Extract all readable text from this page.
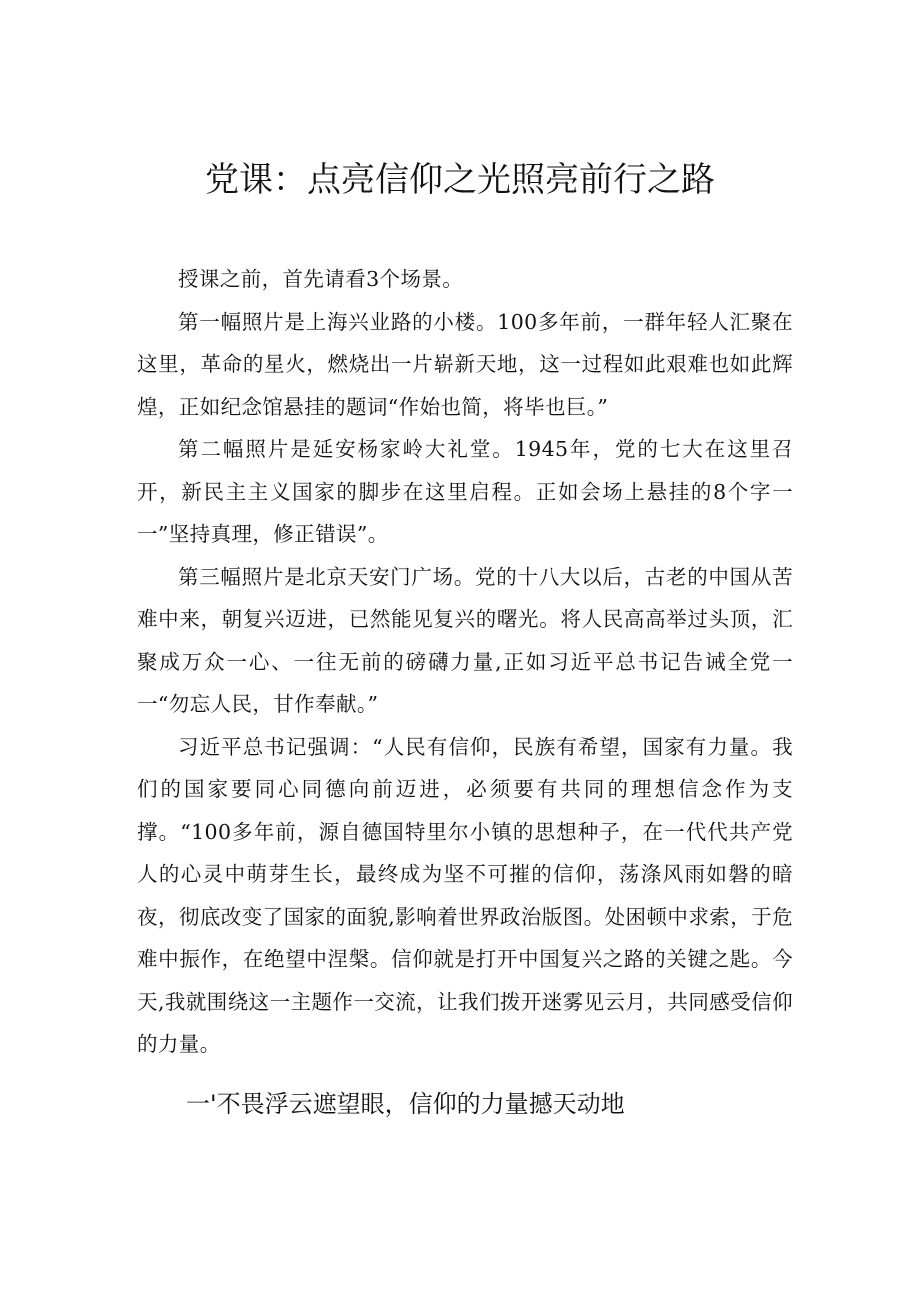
党课：点亮信仰之光照亮前行之路

授课之前，首先请看3个场景。

第一幅照片是上海兴业路的小楼。100多年前，一群年轻人汇聚在这里，革命的星火，燃烧出一片崭新天地，这一过程如此艰难也如此辉煌，正如纪念馆悬挂的题词“作始也简，将毕也巨。”

第二幅照片是延安杨家岭大礼堂。1945年，党的七大在这里召开，新民主主义国家的脚步在这里启程。正如会场上悬挂的8个字一一”坚持真理，修正错误”。

第三幅照片是北京天安门广场。党的十八大以后，古老的中国从苦难中来，朝复兴迈进，已然能见复兴的曙光。将人民高高举过头顶，汇聚成万众一心、一往无前的磅礴力量,正如习近平总书记告诫全党一一“勿忘人民，甘作奉献。”

习近平总书记强调：“人民有信仰，民族有希望，国家有力量。我们的国家要同心同德向前迈进，必须要有共同的理想信念作为支撑。“100多年前，源自德国特里尔小镇的思想种子，在一代代共产党人的心灵中萌芽生长，最终成为坚不可摧的信仰，荡涤风雨如磐的暗夜，彻底改变了国家的面貌,影响着世界政治版图。处困顿中求索，于危难中振作，在绝望中涅槃。信仰就是打开中国复兴之路的关键之匙。今天,我就围绕这一主题作一交流，让我们拨开迷雾见云月，共同感受信仰的力量。

一'不畏浮云遮望眼，信仰的力量撼天动地
